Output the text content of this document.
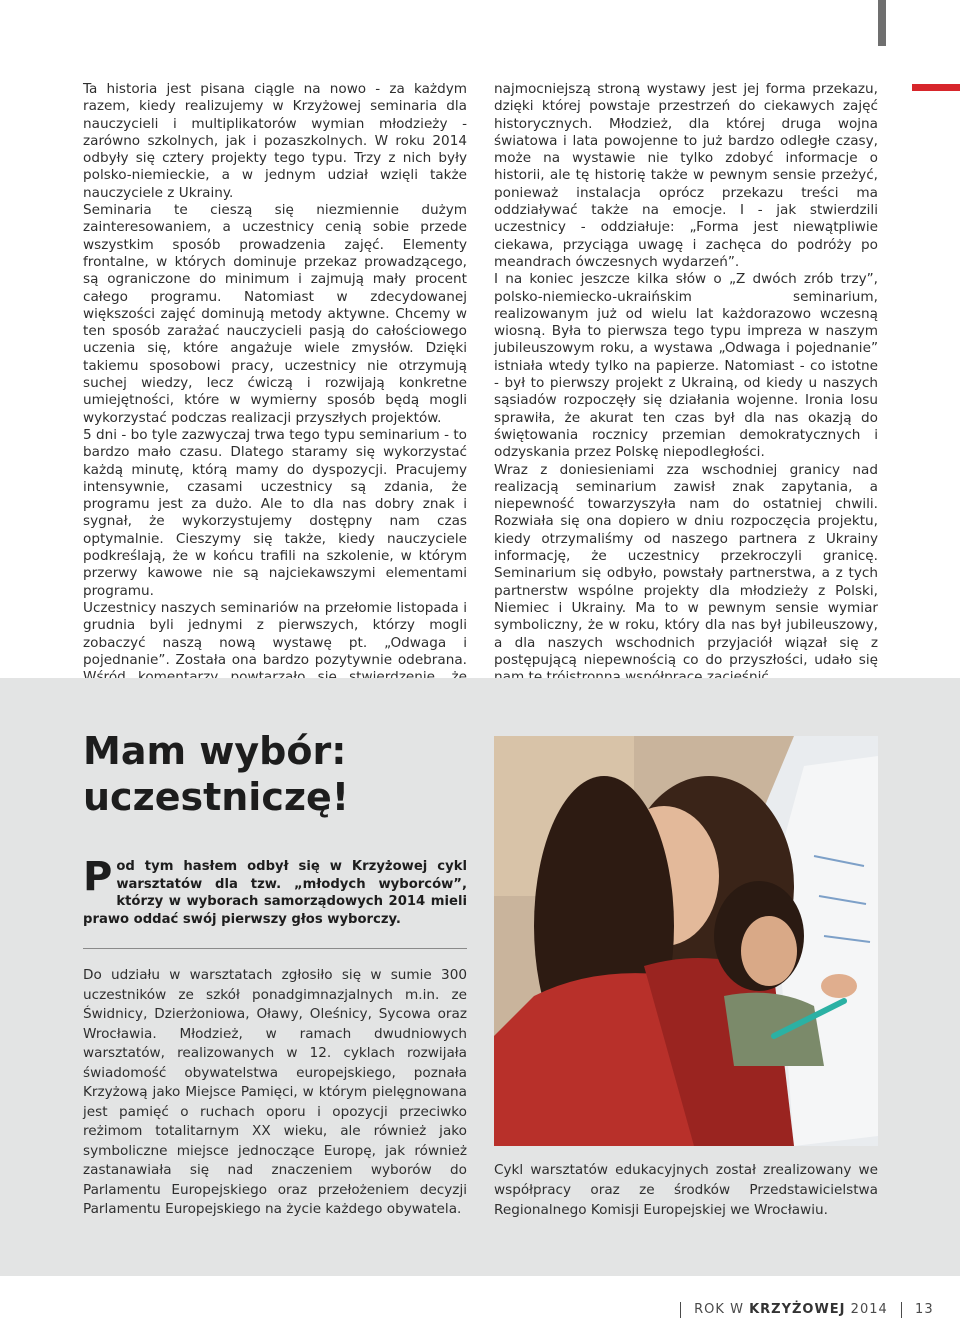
Ta historia jest pisana ciągle na nowo - za każdym razem, kiedy realizujemy w Krzyżowej seminaria dla nauczycieli i multiplikatorów wymian młodzieży - zarówno szkolnych, jak i pozaszkolnych. W roku 2014 odbyły się cztery projekty tego typu. Trzy z nich były polsko-niemieckie, a w jednym udział wzięli także nauczyciele z Ukrainy.

Seminaria te cieszą się niezmiennie dużym zainteresowaniem, a uczestnicy cenią sobie przede wszystkim sposób prowadzenia zajęć. Elementy frontalne, w których dominuje przekaz prowadzącego, są ograniczone do minimum i zajmują mały procent całego programu. Natomiast w zdecydowanej większości zajęć dominują metody aktywne. Chcemy w ten sposób zarażać nauczycieli pasją do całościowego uczenia się, które angażuje wiele zmysłów. Dzięki takiemu sposobowi pracy, uczestnicy nie otrzymują suchej wiedzy, lecz ćwiczą i rozwijają konkretne umiejętności, które w wymierny sposób będą mogli wykorzystać podczas realizacji przyszłych projektów.

5 dni - bo tyle zazwyczaj trwa tego typu seminarium - to bardzo mało czasu. Dlatego staramy się wykorzystać każdą minutę, którą mamy do dyspozycji. Pracujemy intensywnie, czasami uczestnicy są zdania, że programu jest za dużo. Ale to dla nas dobry znak i sygnał, że wykorzystujemy dostępny nam czas optymalnie. Cieszymy się także, kiedy nauczyciele podkreślają, że w końcu trafili na szkolenie, w którym przerwy kawowe nie są najciekawszymi elementami programu.

Uczestnicy naszych seminariów na przełomie listopada i grudnia byli jednymi z pierwszych, którzy mogli zobaczyć naszą nową wystawę pt. „Odwaga i pojednanie”. Została ona bardzo pozytywnie odebrana.

najmocniejszą stroną wystawy jest jej forma przekazu, dzięki której powstaje przestrzeń do ciekawych zajęć historycznych. Młodzież, dla której druga wojna światowa i lata powojenne to już bardzo odległe czasy, może na wystawie nie tylko zdobyć informacje o historii, ale tę historię także w pewnym sensie przeżyć, ponieważ instalacja oprócz przekazu treści ma oddziaływać także na emocje. I - jak stwierdzili uczestnicy - oddziałuje: „Forma jest niewątpliwie ciekawa, przyciąga uwagę i zachęca do podróży po meandrach ówczesnych wydarzeń”.

I na koniec jeszcze kilka słów o „Z dwóch zrób trzy”, polsko-niemiecko-ukraińskim seminarium, realizowanym już od wielu lat każdorazowo wczesną wiosną. Była to pierwsza tego typu impreza w naszym jubileuszowym roku, a wystawa „Odwaga i pojednanie” istniała wtedy tylko na papierze. Natomiast - co istotne - był to pierwszy projekt z Ukrainą, od kiedy u naszych sąsiadów rozpoczęły się działania wojenne. Ironia losu sprawiła, że akurat ten czas był dla nas okazją do świętowania rocznicy przemian demokratycznych i odzyskania przez Polskę niepodległości.

Wraz z doniesieniami zza wschodniej granicy nad realizacją seminarium zawisł znak zapytania, a niepewność towarzyszyła nam do ostatniej chwili. Rozwiała się ona dopiero w dniu rozpoczęcia projektu, kiedy otrzymaliśmy od naszego partnera z Ukrainy informację, że uczestnicy przekroczyli granicę. Seminarium się odbyło, powstały partnerstwa, a z tych partnerstw wspólne projekty dla młodzieży z Polski, Niemiec i Ukrainy. Ma to w pewnym sensie wymiar symboliczny, że w roku, który dla nas był jubileuszowy, a dla naszych wschodnich przyjaciół wiązał się z postępującą niepewnością co do przyszłości, udało się

Mam wybór:
uczestniczę!
Pod tym hasłem odbył się w Krzyżowej cykl warsztatów dla tzw. „młodych wyborców”, którzy w wyborach samorządowych 2014 mieli prawo oddać swój pierwszy głos wyborczy.
Do udziału w warsztatach zgłosiło się w sumie 300 uczestników ze szkół ponadgimnazjalnych m.in. ze Świdnicy, Dzierżoniowa, Oławy, Oleśnicy, Sycowa oraz Wrocławia. Młodzież, w ramach dwudniowych warsztatów, realizowanych w 12. cyklach rozwijała świadomość obywatelstwa europejskiego, poznała Krzyżową jako Miejsce Pamięci, w którym pielęgnowana jest pamięć o ruchach oporu i opozycji przeciwko reżimom totalitarnym XX wieku, ale również jako symboliczne miejsce jednoczące Europę, jak również zastanawiała się nad znaczeniem wyborów do Parlamentu Europejskiego oraz przełożeniem decyzji Parlamentu Europejskiego na życie każdego obywatela.
Cykl warsztatów edukacyjnych został zrealizowany we współpracy oraz ze środków Przedstawicielstwa Regionalnego Komisji Europejskiej we Wrocławiu.
ROK W KRZYŻOWEJ 2014 13
